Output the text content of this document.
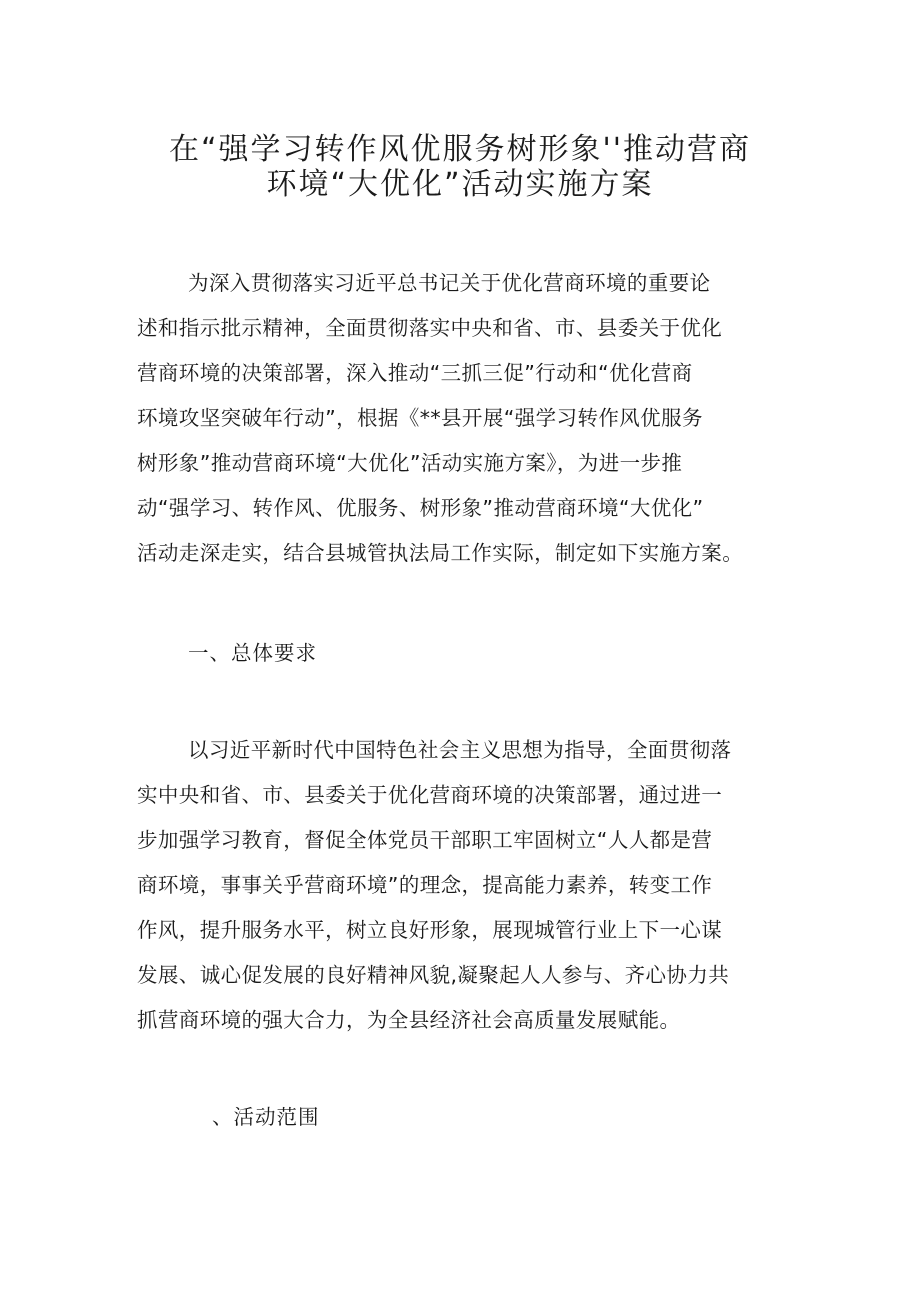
在“强学习转作风优服务树形象''推动营商
环境“大优化”活动实施方案
为深入贯彻落实习近平总书记关于优化营商环境的重要论
述和指示批示精神，全面贯彻落实中央和省、市、县委关于优化
营商环境的决策部署，深入推动“三抓三促”行动和“优化营商
环境攻坚突破年行动”，根据《**县开展“强学习转作风优服务
树形象”推动营商环境“大优化”活动实施方案》，为进一步推
动“强学习、转作风、优服务、树形象”推动营商环境“大优化”
活动走深走实，结合县城管执法局工作实际，制定如下实施方案。
一、总体要求
以习近平新时代中国特色社会主义思想为指导，全面贯彻落
实中央和省、市、县委关于优化营商环境的决策部署，通过进一
步加强学习教育，督促全体党员干部职工牢固树立“人人都是营
商环境，事事关乎营商环境”的理念，提高能力素养，转变工作
作风，提升服务水平，树立良好形象，展现城管行业上下一心谋
发展、诚心促发展的良好精神风貌,凝聚起人人参与、齐心协力共
抓营商环境的强大合力，为全县经济社会高质量发展赋能。
、活动范围
